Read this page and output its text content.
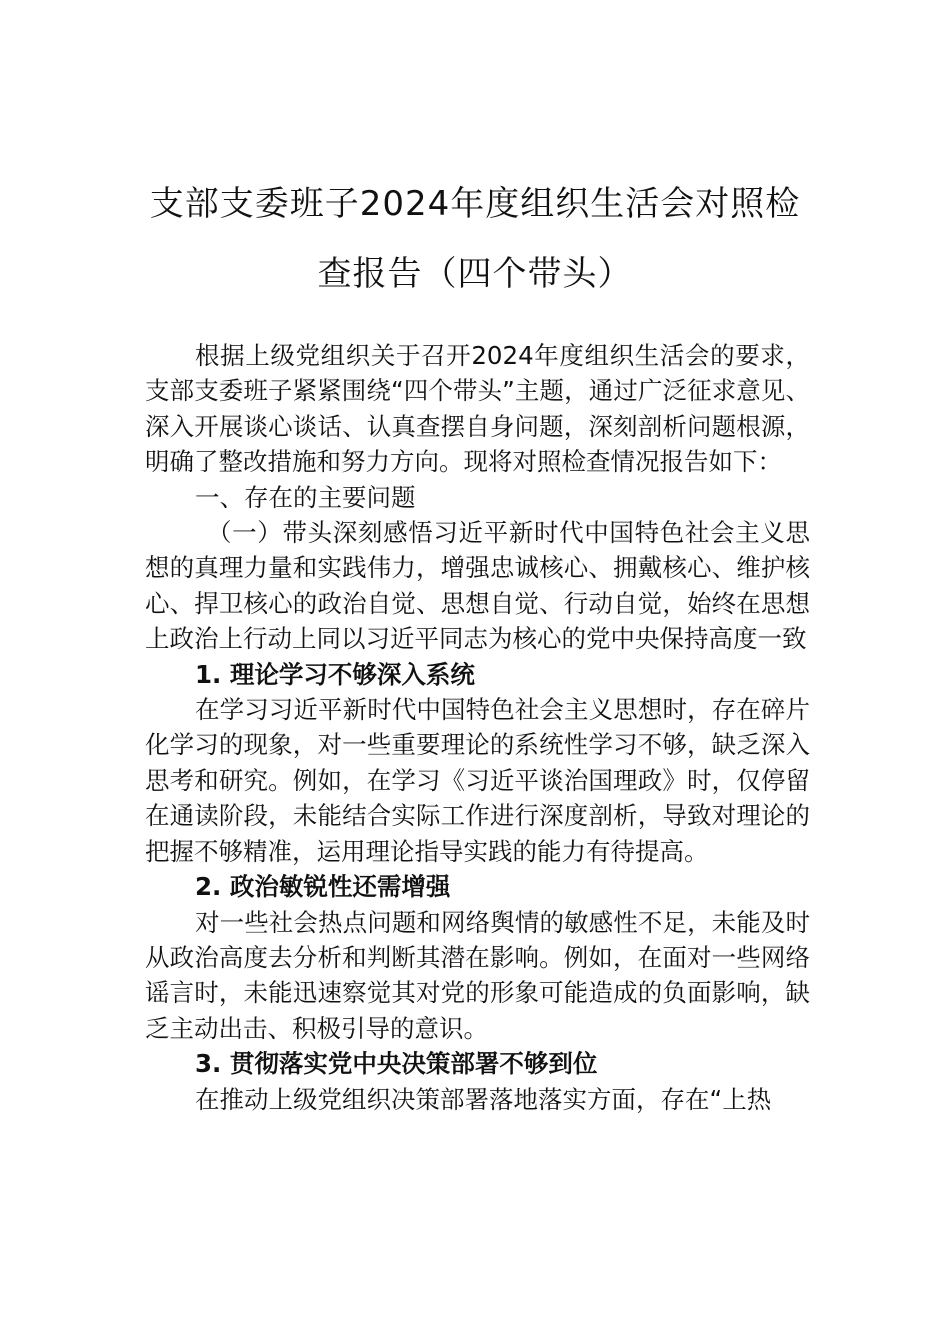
支部支委班子2024年度组织生活会对照检
查报告（四个带头）

根据上级党组织关于召开2024年度组织生活会的要求，支部支委班子紧紧围绕“四个带头”主题，通过广泛征求意见、深入开展谈心谈话、认真查摆自身问题，深刻剖析问题根源，明确了整改措施和努力方向。现将对照检查情况报告如下：

一、存在的主要问题

（一）带头深刻感悟习近平新时代中国特色社会主义思想的真理力量和实践伟力，增强忠诚核心、拥戴核心、维护核心、捍卫核心的政治自觉、思想自觉、行动自觉，始终在思想上政治上行动上同以习近平同志为核心的党中央保持高度一致

1. 理论学习不够深入系统

在学习习近平新时代中国特色社会主义思想时，存在碎片化学习的现象，对一些重要理论的系统性学习不够，缺乏深入思考和研究。例如，在学习《习近平谈治国理政》时，仅停留在通读阶段，未能结合实际工作进行深度剖析，导致对理论的把握不够精准，运用理论指导实践的能力有待提高。

2. 政治敏锐性还需增强

对一些社会热点问题和网络舆情的敏感性不足，未能及时从政治高度去分析和判断其潜在影响。例如，在面对一些网络谣言时，未能迅速察觉其对党的形象可能造成的负面影响，缺乏主动出击、积极引导的意识。

3. 贯彻落实党中央决策部署不够到位

在推动上级党组织决策部署落地落实方面，存在“上热
